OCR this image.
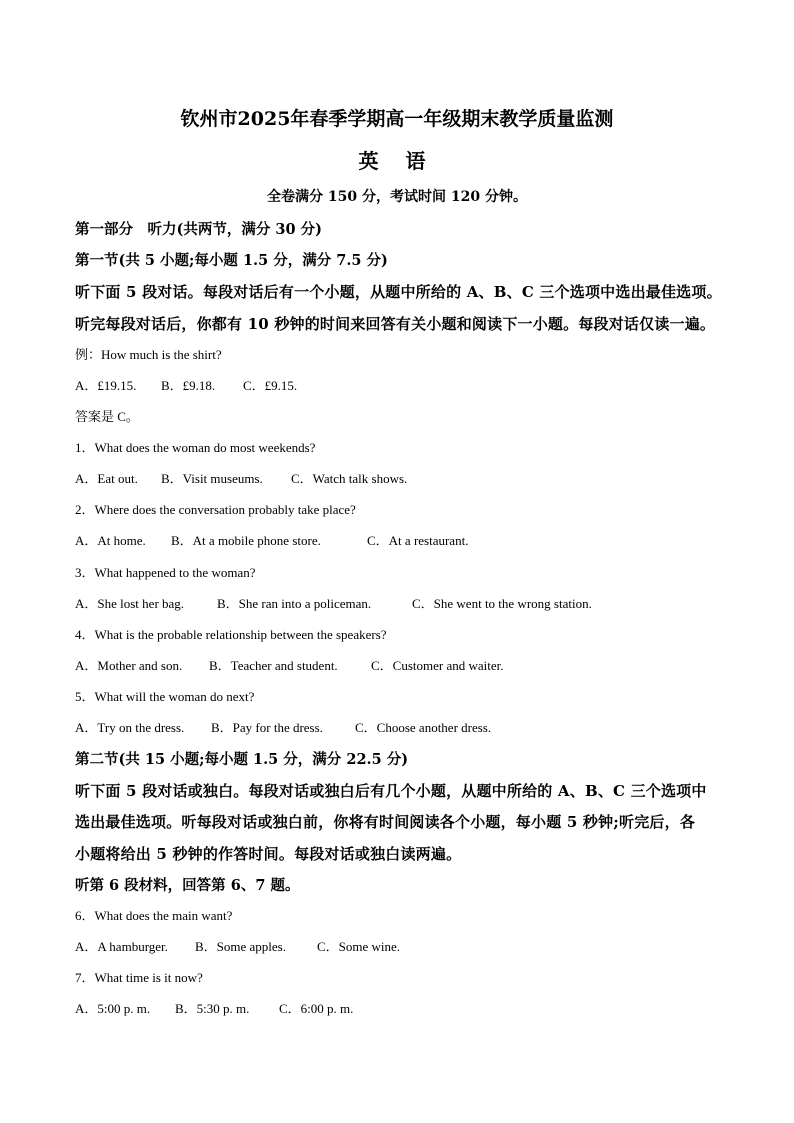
钦州市2025年春季学期高一年级期末教学质量监测
英 语
全卷满分 150 分，考试时间 120 分钟。
第一部分　听力(共两节，满分 30 分)
第一节(共 5 小题;每小题 1.5 分，满分 7.5 分)
听下面 5 段对话。每段对话后有一个小题，从题中所给的 A、B、C 三个选项中选出最佳选项。
听完每段对话后，你都有 10 秒钟的时间来回答有关小题和阅读下一小题。每段对话仅读一遍。
例：How much is the shirt?
A．£19.15. B．£9.18. C．£9.15.
答案是 C。
1．What does the woman do most weekends?
A．Eat out. B．Visit museums. C．Watch talk shows.
2．Where does the conversation probably take place?
A．At home. B．At a mobile phone store.	C．At a restaurant.
3．What happened to the woman?
A．She lost her bag.	B．She ran into a policeman.	C．She went to the wrong station.
4．What is the probable relationship between the speakers?
A．Mother and son. B．Teacher and student.	C．Customer and waiter.
5．What will the woman do next?
A．Try on the dress. B．Pay for the dress. C．Choose another dress.
第二节(共 15 小题;每小题 1.5 分，满分 22.5 分)
听下面 5 段对话或独白。每段对话或独白后有几个小题，从题中所给的 A、B、C 三个选项中
选出最佳选项。听每段对话或独白前，你将有时间阅读各个小题，每小题 5 秒钟;听完后，各
小题将给出 5 秒钟的作答时间。每段对话或独白读两遍。
听第 6 段材料，回答第 6、7 题。
6．What does the main want?
A．A hamburger. B．Some apples. C．Some wine.
7．What time is it now?
A．5:00 p. m. B．5:30 p. m. C．6:00 p. m.
